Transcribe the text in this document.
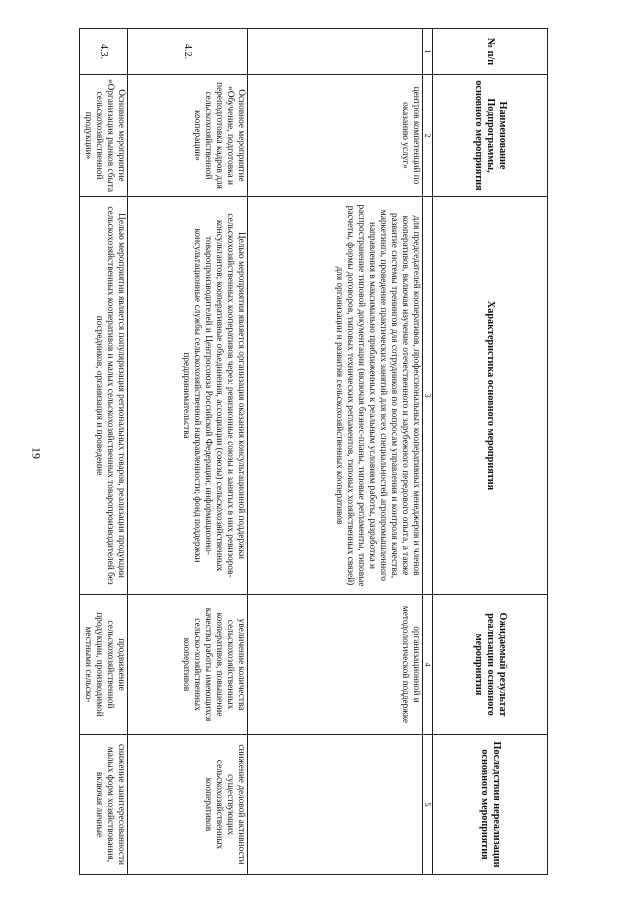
19
№ п/п	Наименование Подпрограммы, основного мероприятия	Характеристика основного мероприятия	Ожидаемый результат реализации основного мероприятия	Последствия нереализации основного мероприятия
1	2	3	4	5
	центров компетенций по оказанию услуг»	для председателей кооперативов, профессиональных кооперативных менеджеров и членов кооперативов, включая изучение отечественного и зарубежного передового опыта, а также развитие системы тренингов для сотрудников по вопросам управления и контроля качества, маркетинга, проведение практических занятий для всех специальностей агропромышленного направления в максимально приближенных к реальным условиям работы, разработка и распространение типовой документации (включая бизнес-планы, типовые регламенты, типовые расчеты, формы договоров, типовых технических регламентов, типовых хозяйственных связей) для организации и развития сельскохозяйственных кооперативов	организационной и методологической поддержке	
4.2.	Основное мероприятие «Обучение, подготовка и переподготовка кадров для сельскохозяйственной кооперации»	Целью мероприятия является организация оказания консультационной поддержки сельскохозяйственных кооперативов через: ревизионные союзы и занятых в них ревизоров-консультантов; кооперативные объединения, ассоциации (союзы) сельскохозяйственных товаропроизводителей и Центросоюза Российской Федерации; информационно-консультационные службы сельскохозяйственной направленности; фонд поддержки предпринимательства	увеличение количества сельскохозяйственных кооперативов, повышение качества работы имеющихся сельско-хозяйственных кооперативов	снижение деловой активности существующих сельскохозяйственных кооперативов
4.3.	Основное мероприятие «Организация рынков сбыта сельскохозяйственной продукции»	Целью мероприятия является популяризация региональных товаров, реализация продукции сельскохозяйственных кооперативов и малых сельскохозяйственных товаропроизводителей без посредников, организация и проведение	продвижение сельскохозяйственной продукции, производимой местными сельско-	снижение заинтересованности малых форм хозяйствования, включая личные
